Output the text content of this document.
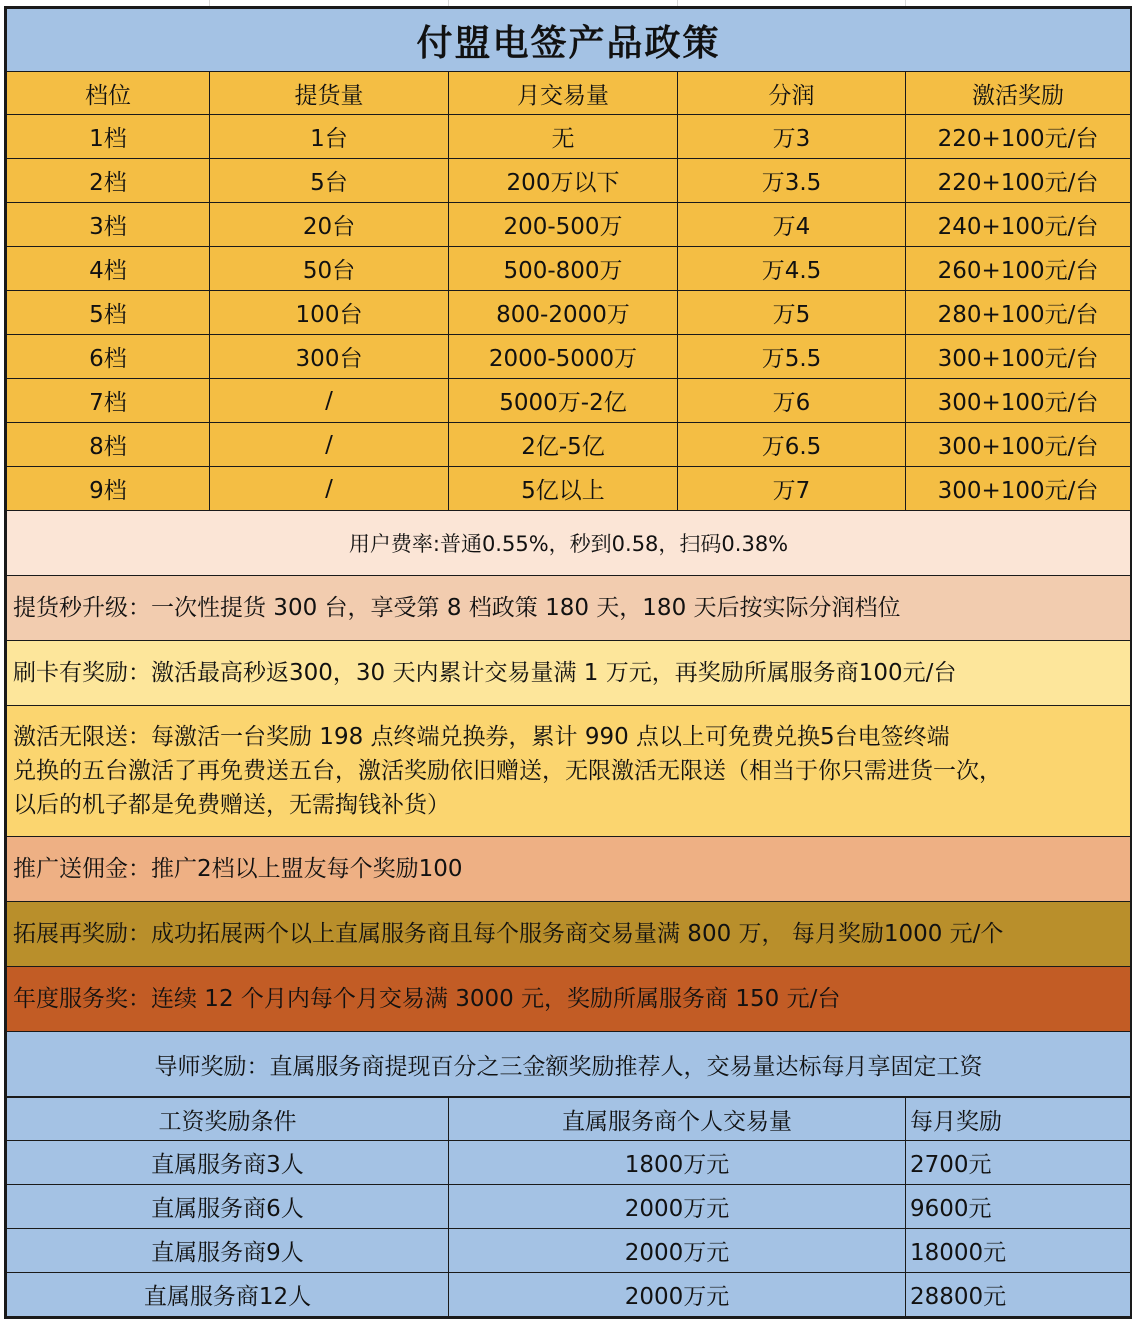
付盟电签产品政策				
档位	提货量	月交易量	分润	激活奖励
1档	1台	无	万3	220+100元/台
2档	5台	200万以下	万3.5	220+100元/台
3档	20台	200-500万	万4	240+100元/台
4档	50台	500-800万	万4.5	260+100元/台
5档	100台	800-2000万	万5	280+100元/台
6档	300台	2000-5000万	万5.5	300+100元/台
7档	/	5000万-2亿	万6	300+100元/台
8档	/	2亿-5亿	万6.5	300+100元/台
9档	/	5亿以上	万7	300+100元/台
用户费率:普通0.55%，秒到0.58，扫码0.38%				
提货秒升级：一次性提货 300 台，享受第 8 档政策 180 天，180 天后按实际分润档位				
刷卡有奖励：激活最高秒返300，30 天内累计交易量满 1 万元，再奖励所属服务商100元/台				

激活无限送：每激活一台奖励 198 点终端兑换券，累计 990 点以上可免费兑换5台电签终端
兑换的五台激活了再免费送五台，激活奖励依旧赠送，无限激活无限送（相当于你只需进货一次，
以后的机子都是免费赠送，无需掏钱补货）				

推广送佣金：推广2档以上盟友每个奖励100				
拓展再奖励：成功拓展两个以上直属服务商且每个服务商交易量满 800 万， 每月奖励1000 元/个				
年度服务奖：连续 12 个月内每个月交易满 3000 元，奖励所属服务商 150 元/台				
导师奖励：直属服务商提现百分之三金额奖励推荐人，交易量达标每月享固定工资				
工资奖励条件	直属服务商个人交易量	每月奖励
直属服务商3人	1800万元	2700元
直属服务商6人	2000万元	9600元
直属服务商9人	2000万元	18000元
直属服务商12人	2000万元	28800元
